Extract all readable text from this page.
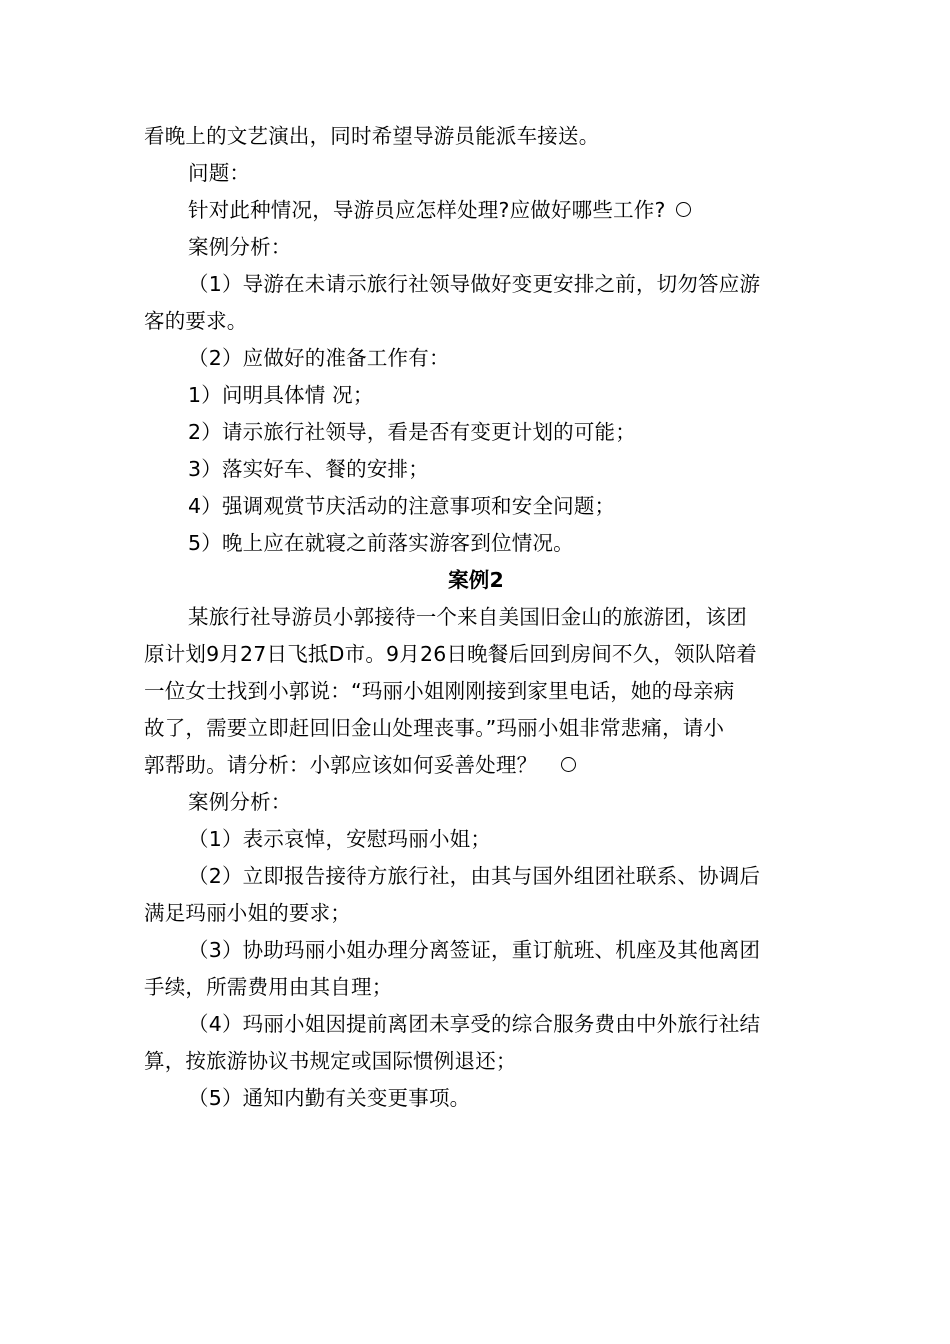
看晚上的文艺演出，同时希望导游员能派车接送。
问题：
针对此种情况，导游员应怎样处理?应做好哪些工作?
案例分析：
（1）导游在未请示旅行社领导做好变更安排之前，切勿答应游
客的要求。
（2）应做好的准备工作有：
1）问明具体情 况；
2）请示旅行社领导，看是否有变更计划的可能；
3）落实好车、餐的安排；
4）强调观赏节庆活动的注意事项和安全问题；
5）晚上应在就寝之前落实游客到位情况。
案例2
某旅行社导游员小郭接待一个来自美国旧金山的旅游团，该团
原计划9月27日飞抵D市。9月26日晚餐后回到房间不久，领队陪着
一位女士找到小郭说：“玛丽小姐刚刚接到家里电话，她的母亲病
故了，需要立即赶回旧金山处理丧事。”玛丽小姐非常悲痛，请小
郭帮助。请分析：小郭应该如何妥善处理？
案例分析：
（1）表示哀悼，安慰玛丽小姐；
（2）立即报告接待方旅行社，由其与国外组团社联系、协调后
满足玛丽小姐的要求；
（3）协助玛丽小姐办理分离签证，重订航班、机座及其他离团
手续，所需费用由其自理；
（4）玛丽小姐因提前离团未享受的综合服务费由中外旅行社结
算，按旅游协议书规定或国际惯例退还；
（5）通知内勤有关变更事项。
